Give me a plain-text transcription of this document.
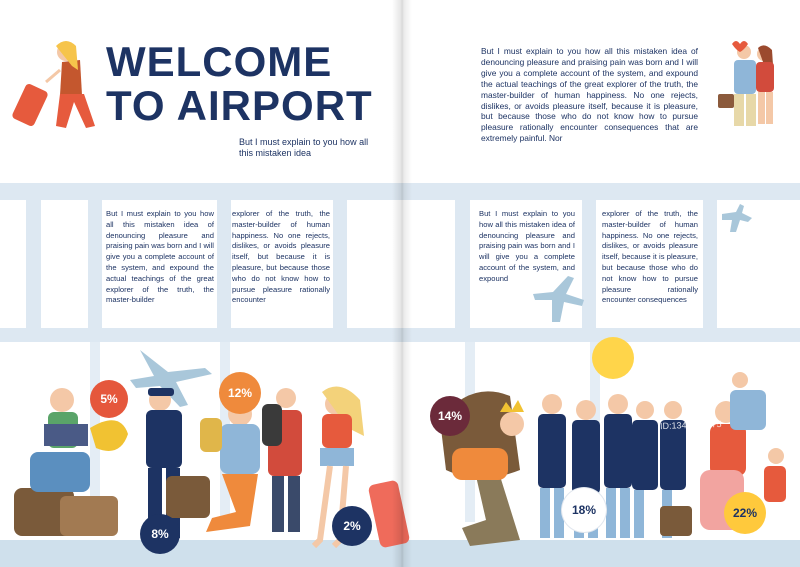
WELCOME
TO AIRPORT
But I must explain to you how all this mistaken idea
But I must explain to you how all this mistaken idea of denouncing pleasure and praising pain was born and I will give you a complete account of the system, and expound the actual teachings of the great explorer of the truth, the master-builder of human happiness. No one rejects, dislikes, or avoids pleasure itself, because it is pleasure, but because those who do not know how to pursue pleasure rationally encounter consequences that are extremely painful. Nor
But I must explain to you how all this mistaken idea of denouncing pleasure and praising pain was born and I will give you a complete account of the system, and expound the actual teachings of the great explorer of the truth, the master-builder
explorer of the truth, the master-builder of human happiness. No one rejects, dislikes, or avoids pleasure itself, but because it is pleasure, but because those who do not know how to pursue pleasure rationally encounter
But I must explain to you how all this mistaken idea of denouncing pleasure and praising pain was born and I will give you a complete account of the system, and expound
explorer of the truth, the master-builder of human happiness. No one rejects, dislikes, or avoids pleasure itself, because it is pleasure, but because those who do not know how to pursue pleasure rationally encounter consequences
5%	12%
8%
2%
14%
18%	22%
ID:1346169775
